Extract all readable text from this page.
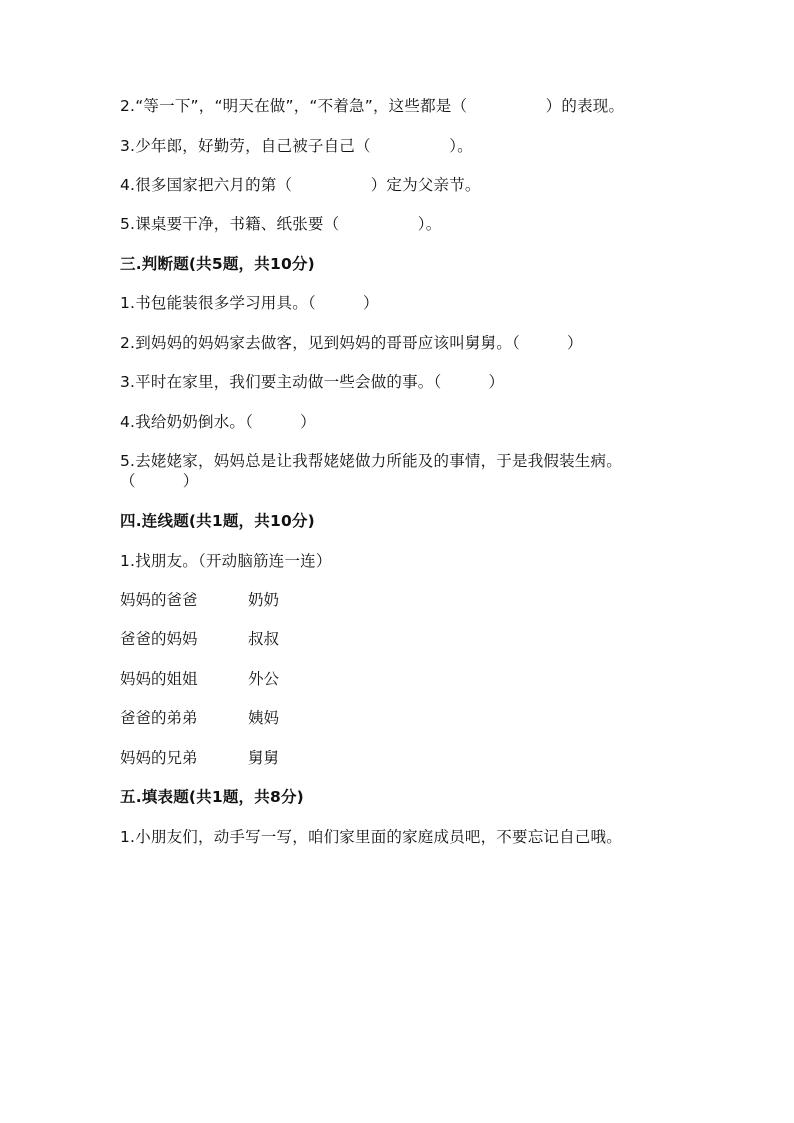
2.“等一下”，“明天在做”，“不着急”，这些都是（　　　　　）的表现。
3.少年郎，好勤劳，自己被子自己（　　　　　）。
4.很多国家把六月的第（　　　　　）定为父亲节。
5.课桌要干净，书籍、纸张要（　　　　　）。
三.判断题(共5题，共10分)
1.书包能装很多学习用具。（　　　）
2.到妈妈的妈妈家去做客，见到妈妈的哥哥应该叫舅舅。（　　　）
3.平时在家里，我们要主动做一些会做的事。（　　　）
4.我给奶奶倒水。（　　　）
5.去姥姥家，妈妈总是让我帮姥姥做力所能及的事情，于是我假装生病。
（　　　）
四.连线题(共1题，共10分)
1.找朋友。（开动脑筋连一连）
妈妈的爸爸	奶奶
爸爸的妈妈	叔叔
妈妈的姐姐	外公
爸爸的弟弟	姨妈
妈妈的兄弟	舅舅
五.填表题(共1题，共8分)
1.小朋友们，动手写一写，咱们家里面的家庭成员吧，不要忘记自己哦。
